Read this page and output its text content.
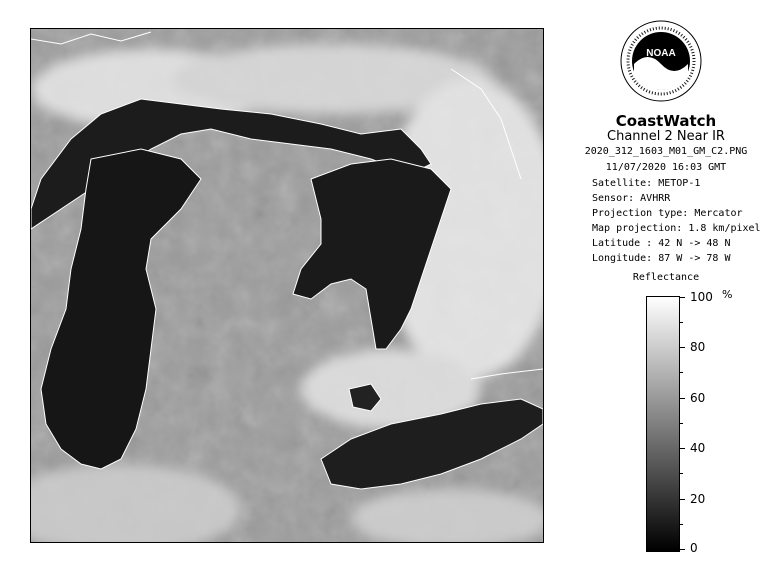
NOAA
CoastWatch
Channel 2 Near IR
2020_312_1603_M01_GM_C2.PNG
11/07/2020 16:03 GMT
Satellite: METOP-1
Sensor: AVHRR
Projection type: Mercator
Map projection: 1.8 km/pixel
Latitude : 42 N -> 48 N
Longitude: 87 W -> 78 W
Reflectance
100
80
60
40
20
0
%
